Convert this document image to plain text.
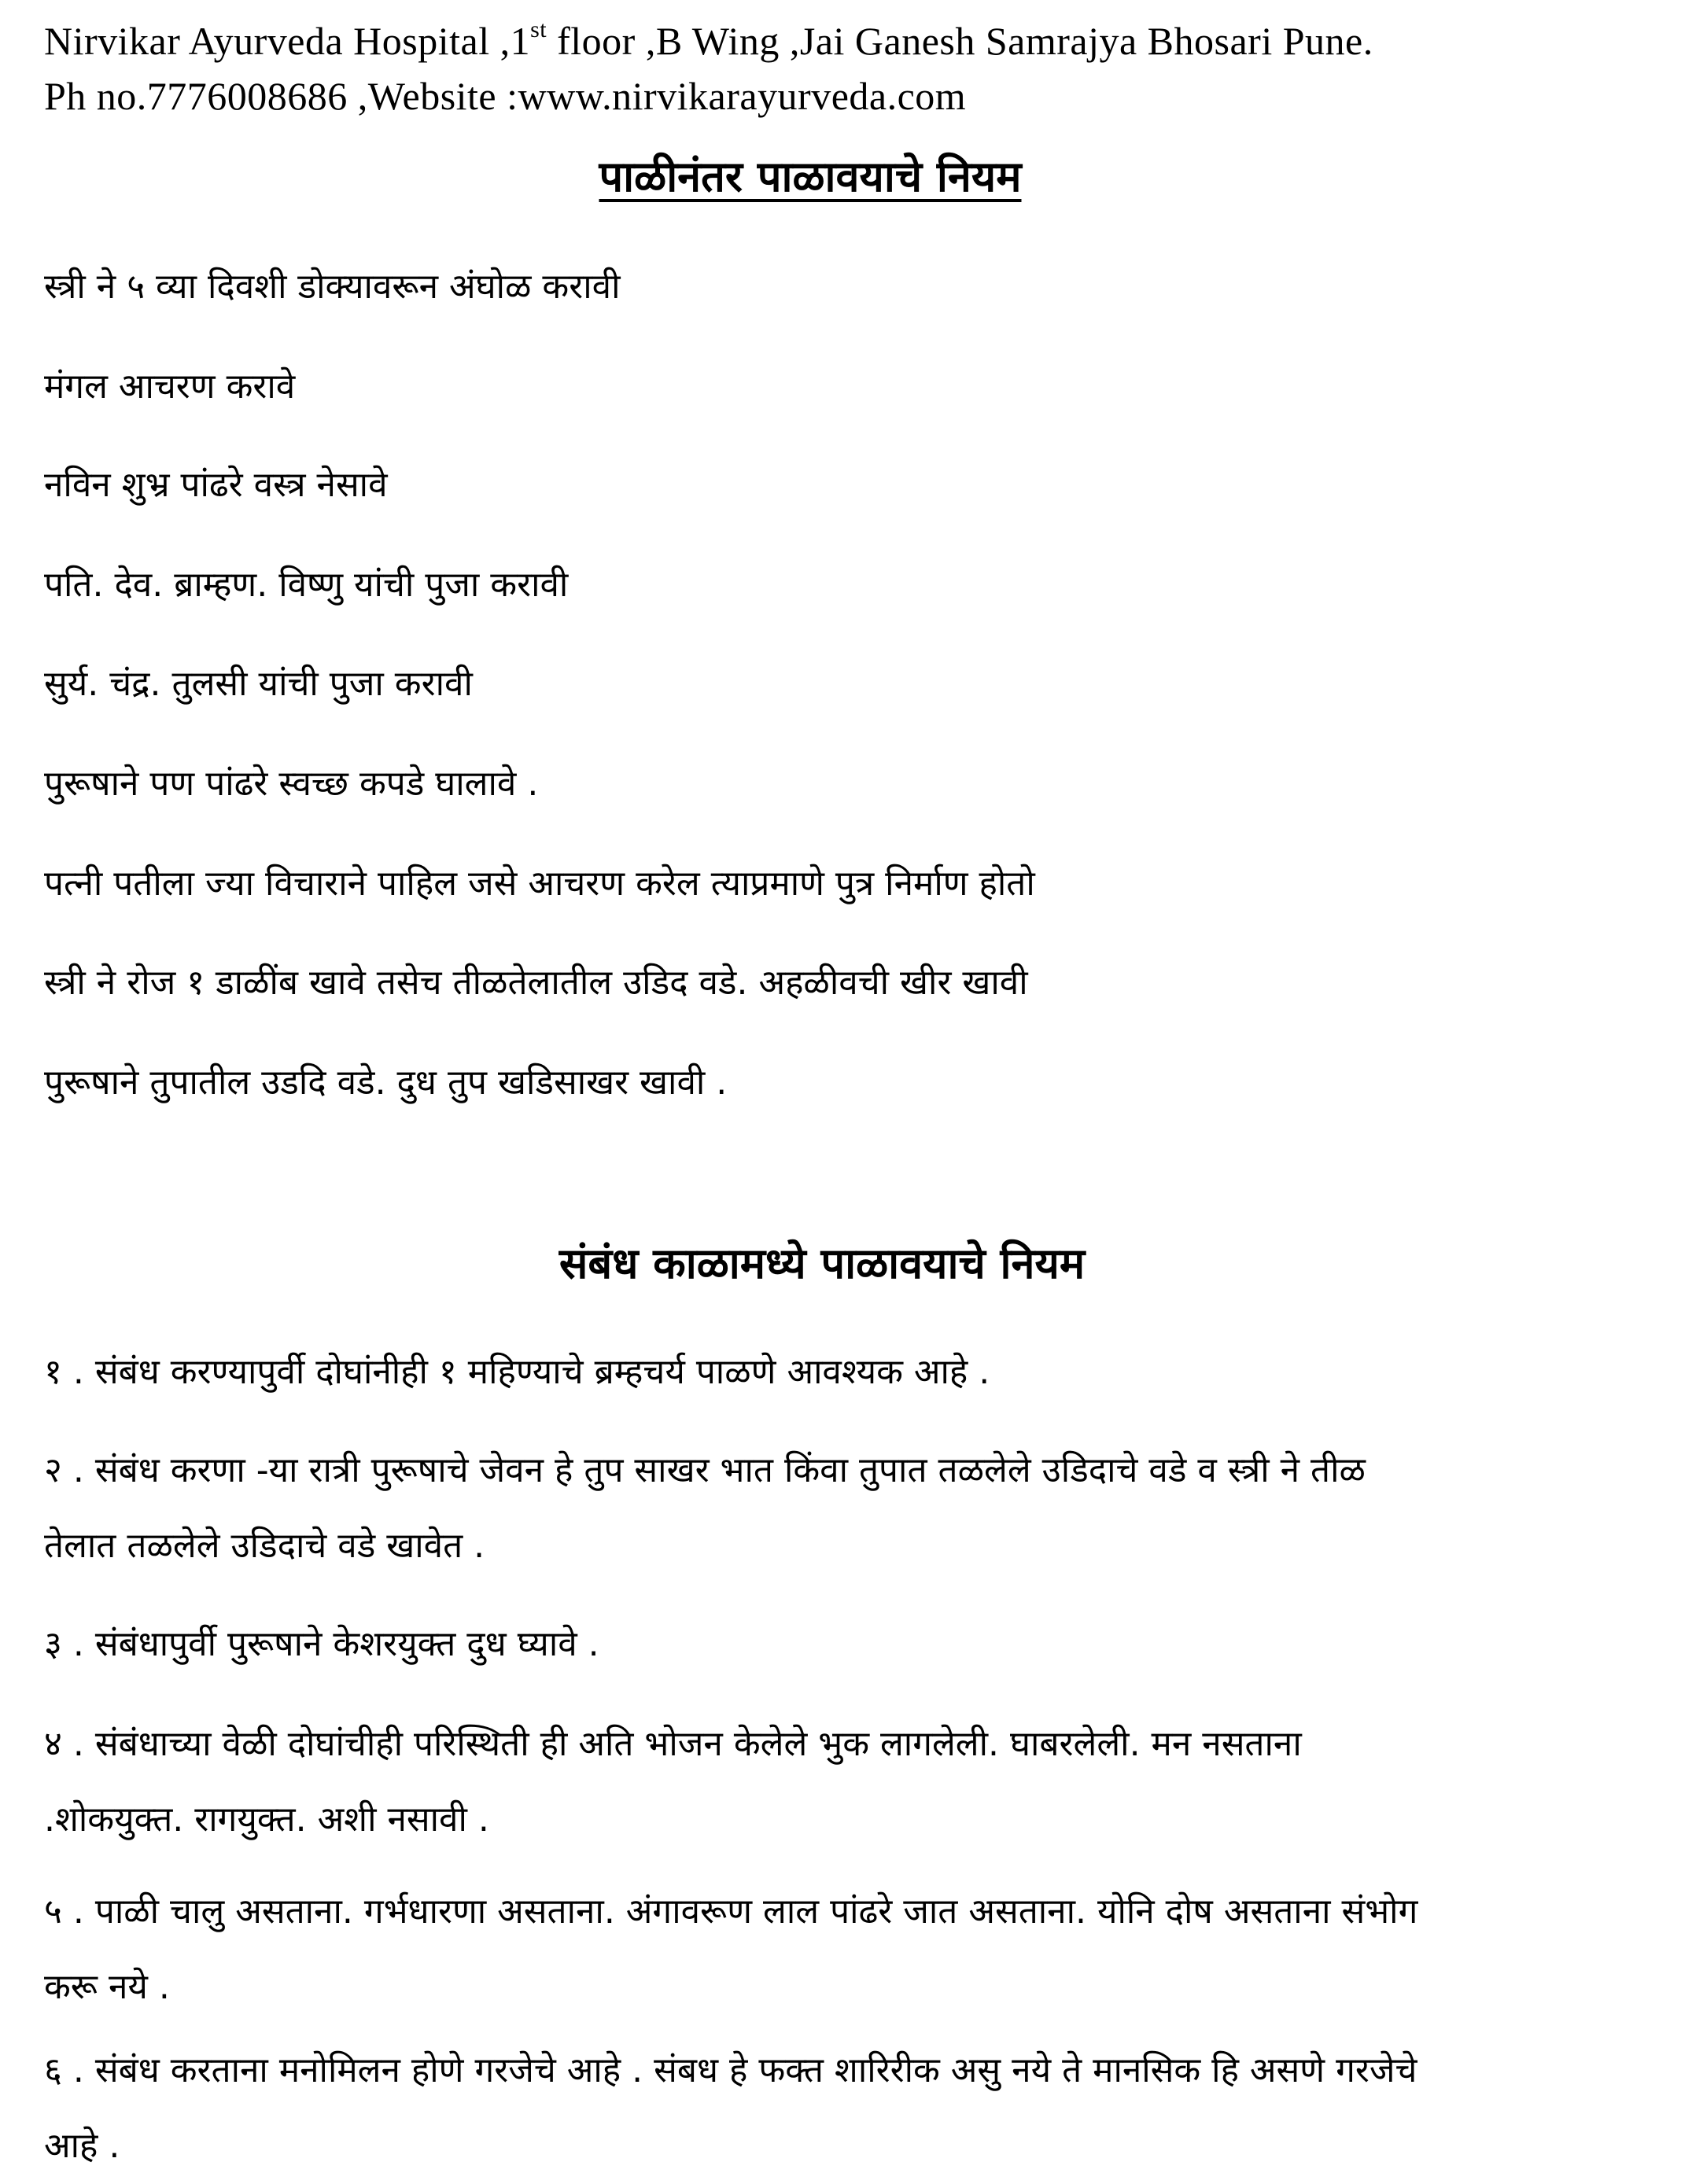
Nirvikar Ayurveda Hospital ,1st floor ,B Wing ,Jai Ganesh Samrajya Bhosari Pune.
Ph no.7776008686 ,Website :www.nirvikarayurveda.com
पाळीनंतर पाळावयाचे नियम
स्त्री ने ५ व्या दिवशी डोक्यावरून अंघोळ करावी
मंगल आचरण करावे
नविन शुभ्र पांढरे वस्त्र नेसावे
पति. देव. ब्राम्हण. विष्णु यांची पुजा करावी
सुर्य. चंद्र. तुलसी यांची पुजा करावी
पुरूषाने पण पांढरे स्वच्छ कपडे घालावे .
पत्नी पतीला ज्या विचाराने पाहिल जसे आचरण करेल त्याप्रमाणे पुत्र निर्माण होतो
स्त्री ने रोज १ डाळींब खावे तसेच तीळतेलातील उडिद वडे. अहळीवची खीर खावी
पुरूषाने तुपातील उडदि वडे. दुध तुप खडिसाखर खावी .
संबंध काळामध्ये पाळावयाचे नियम
१ . संबंध करण्यापुर्वी दोघांनीही १ महिण्याचे ब्रम्हचर्य पाळणे आवश्यक आहे .
२ . संबंध करणा -या रात्री पुरूषाचे जेवन हे तुप साखर भात किंवा तुपात तळलेले उडिदाचे वडे व स्त्री ने तीळ
तेलात तळलेले उडिदाचे वडे खावेत .
३ . संबंधापुर्वी पुरूषाने केशरयुक्त दुध घ्यावे .
४ . संबंधाच्या वेळी दोघांचीही परिस्थिती ही अति भोजन केलेले भुक लागलेली. घाबरलेली. मन नसताना
.शोकयुक्त. रागयुक्त. अशी नसावी .
५ . पाळी चालु असताना. गर्भधारणा असताना. अंगावरूण लाल पांढरे जात असताना. योनि दोष असताना संभोग
करू नये .
६ . संबंध करताना मनोमिलन होणे गरजेचे आहे . संबध हे फक्त शारिरीक असु नये ते मानसिक हि असणे गरजेचे
आहे .
